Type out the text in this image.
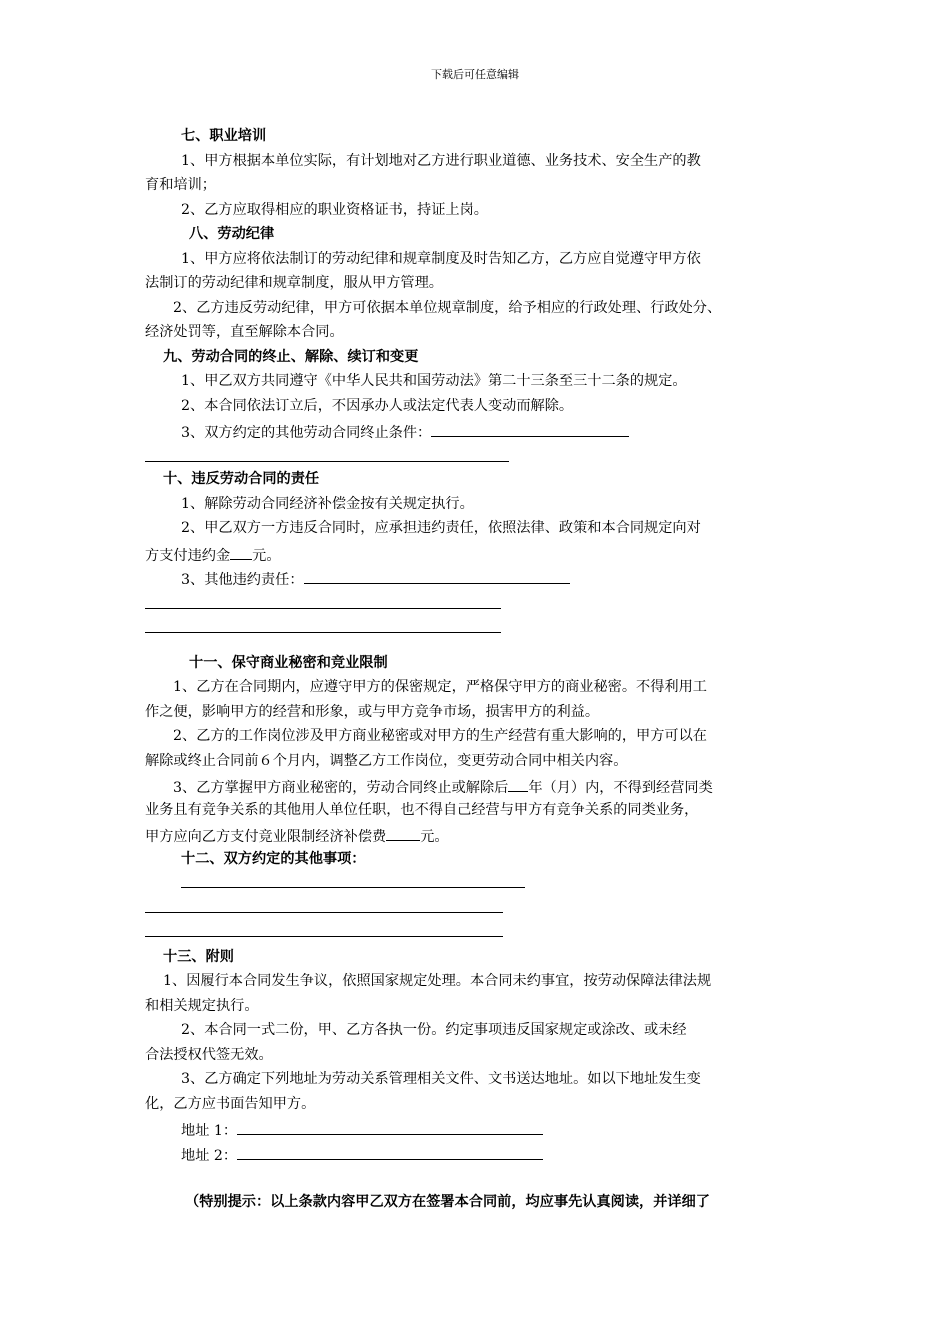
下载后可任意编辑
七、职业培训
1、甲方根据本单位实际，有计划地对乙方进行职业道德、业务技术、安全生产的教
育和培训；
2、乙方应取得相应的职业资格证书，持证上岗。
八、劳动纪律
1、甲方应将依法制订的劳动纪律和规章制度及时告知乙方，乙方应自觉遵守甲方依
法制订的劳动纪律和规章制度，服从甲方管理。
2、乙方违反劳动纪律，甲方可依据本单位规章制度，给予相应的行政处理、行政处分、
经济处罚等，直至解除本合同。
九、劳动合同的终止、解除、续订和变更
1、甲乙双方共同遵守《中华人民共和国劳动法》第二十三条至三十二条的规定。
2、本合同依法订立后，不因承办人或法定代表人变动而解除。
3、双方约定的其他劳动合同终止条件：
十、违反劳动合同的责任
1、解除劳动合同经济补偿金按有关规定执行。
2、甲乙双方一方违反合同时，应承担违约责任，依照法律、政策和本合同规定向对
方支付违约金 元。
3、其他违约责任：
十一、保守商业秘密和竞业限制
1、乙方在合同期内，应遵守甲方的保密规定，严格保守甲方的商业秘密。不得利用工
作之便，影响甲方的经营和形象，或与甲方竞争市场，损害甲方的利益。
2、乙方的工作岗位涉及甲方商业秘密或对甲方的生产经营有重大影响的，甲方可以在
解除或终止合同前６个月内，调整乙方工作岗位，变更劳动合同中相关内容。
3、乙方掌握甲方商业秘密的，劳动合同终止或解除后 年（月）内，不得到经营同类
业务且有竞争关系的其他用人单位任职，也不得自己经营与甲方有竞争关系的同类业务，
甲方应向乙方支付竞业限制经济补偿费 元。
十二、双方约定的其他事项：
十三、附则
1、因履行本合同发生争议，依照国家规定处理。本合同未约事宜，按劳动保障法律法规
和相关规定执行。
2、本合同一式二份，甲、乙方各执一份。约定事项违反国家规定或涂改、或未经
合法授权代签无效。
3、乙方确定下列地址为劳动关系管理相关文件、文书送达地址。如以下地址发生变
化，乙方应书面告知甲方。
地址 1：
地址 2：
（特别提示：以上条款内容甲乙双方在签署本合同前，均应事先认真阅读，并详细了
